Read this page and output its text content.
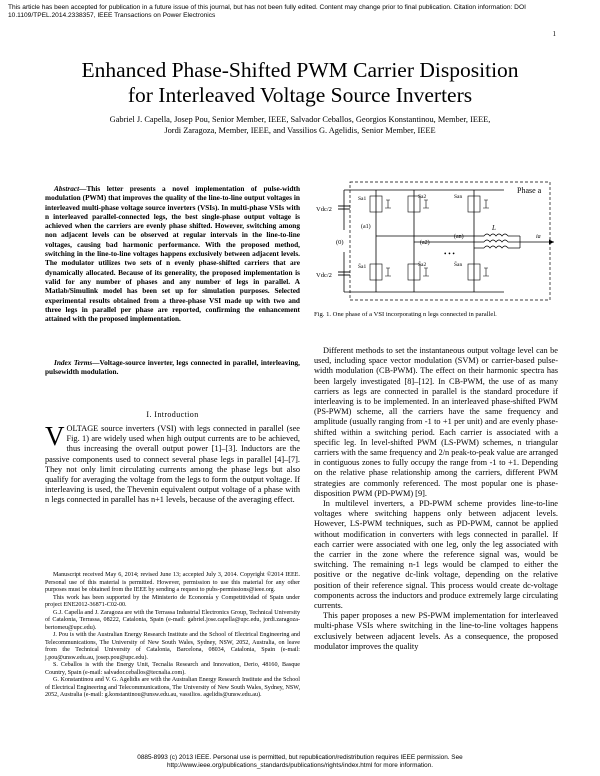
This article has been accepted for publication in a future issue of this journal, but has not been fully edited. Content may change prior to final publication. Citation information: DOI
10.1109/TPEL.2014.2338357, IEEE Transactions on Power Electronics
1
Enhanced Phase-Shifted PWM Carrier Disposition
for Interleaved Voltage Source Inverters
Gabriel J. Capella, Josep Pou, Senior Member, IEEE, Salvador Ceballos, Georgios Konstantinou, Member, IEEE,
Jordi Zaragoza, Member, IEEE, and Vassilios G. Agelidis, Senior Member, IEEE
Abstract—This letter presents a novel implementation of pulse-width modulation (PWM) that improves the quality of the line-to-line output voltages in interleaved multi-phase voltage source inverters (VSIs). In multi-phase VSIs with n interleaved parallel-connected legs, the best single-phase output voltage is achieved when the carriers are evenly phase shifted. However, switching among non adjacent levels can be observed at regular intervals in the line-to-line voltages, causing bad harmonic performance. With the proposed method, switching in the line-to-line voltages happens exclusively between adjacent levels. The modulator utilizes two sets of n evenly phase-shifted carriers that are dynamically allocated. Because of its generality, the proposed implementation is valid for any number of phases and any number of legs in parallel. A Matlab/Simulink model has been set up for simulation purposes. Selected experimental results obtained from a three-phase VSI made up with two and three legs in parallel per phase are reported, confirming the enhancement attained with the proposed implementation.
Index Terms—Voltage-source inverter, legs connected in parallel, interleaving, pulsewidth modulation.
I. Introduction
VOLTAGE source inverters (VSI) with legs connected in parallel (see Fig. 1) are widely used when high output currents are to be achieved, thus increasing the overall output power [1]–[3]. Inductors are the passive components used to connect several phase legs in parallel [4]–[7]. They not only limit circulating currents among the phase legs but also qualify for averaging the voltage from the legs to form the output voltage. If interleaving is used, the Thevenin equivalent output voltage of a phase with n legs connected in parallel has n+1 levels, because of the averaging effect.

Manuscript received May 6, 2014; revised June 13; accepted July 3, 2014. Copyright ©2014 IEEE. Personal use of this material is permitted. However, permission to use this material for any other purposes must be obtained from the IEEE by sending a request to pubs-permissions@ieee.org.

This work has been supported by the Ministerio de Economía y Competitividad of Spain under project ENE2012-36871-C02-00.

G.J. Capella and J. Zaragoza are with the Terrassa Industrial Electronics Group, Technical University of Catalonia, Terrassa, 08222, Catalonia, Spain (e-mail: gabriel.jose.capella@upc.edu, jordi.zaragoza-bertomeu@upc.edu).

J. Pou is with the Australian Energy Research Institute and the School of Electrical Engineering and Telecommunications, The University of New South Wales, Sydney, NSW, 2052, Australia, on leave from the Technical University of Catalonia, Barcelona, 08034, Catalonia, Spain (e-mail: j.pou@unsw.edu.au, josep.pou@upc.edu).

S. Ceballos is with the Energy Unit, Tecnalia Research and Innovation, Derio, 48160, Basque Country, Spain (e-mail: salvador.ceballos@tecnalia.com).

G. Konstantinou and V. G. Agelidis are with the Australian Energy Research Institute and the School of Electrical Engineering and Telecommunications, The University of New South Wales, Sydney, NSW, 2052, Australia (e-mail: g.konstantinou@unsw.edu.au, vassilios. agelidis@unsw.edu.au).

Phase a
Vdc/2
Vdc/2
(0)
Sa1
S̄a1
(a1)
Sa2
S̄a2
(a2)
• • •
San
S̄an
(an)
L
ia
Fig. 1. One phase of a VSI incorporating n legs connected in parallel.

Different methods to set the instantaneous output voltage level can be used, including space vector modulation (SVM) or carrier-based pulse-width modulation (CB-PWM). The effect on their harmonic spectra has been largely investigated [8]–[12]. In CB-PWM, the use of as many carriers as legs are connected in parallel is the standard procedure if interleaving is to be implemented. In an interleaved phase-shifted PWM (PS-PWM) scheme, all the carriers have the same frequency and amplitude (usually ranging from -1 to +1 per unit) and are evenly phase-shifted within a switching period. Each carrier is associated with a specific leg. In level-shifted PWM (LS-PWM) schemes, n triangular carriers with the same frequency and 2/n peak-to-peak value are arranged in contiguous zones to fully occupy the range from -1 to +1. Depending on the relative phase relationship among the carriers, different PWM strategies are commonly referenced. The most popular one is phase-disposition PWM (PD-PWM) [9].

In multilevel inverters, a PD-PWM scheme provides line-to-line voltages where switching happens only between adjacent levels. However, LS-PWM techniques, such as PD-PWM, cannot be applied without modification in converters with legs connected in parallel. If each carrier were associated with one leg, only the leg associated with the carrier in the zone where the reference signal was, would be switching. The remaining n-1 legs would be clamped to either the positive or the negative dc-link voltage, depending on the relative position of their reference signal. This process would create dc-voltage components across the inductors and produce extremely large circulating currents.

This paper proposes a new PS-PWM implementation for interleaved multi-phase VSIs where switching in the line-to-line voltages happens exclusively between adjacent levels. As a consequence, the proposed modulator improves the quality

0885-8993 (c) 2013 IEEE. Personal use is permitted, but republication/redistribution requires IEEE permission. See
http://www.ieee.org/publications_standards/publications/rights/index.html for more information.
